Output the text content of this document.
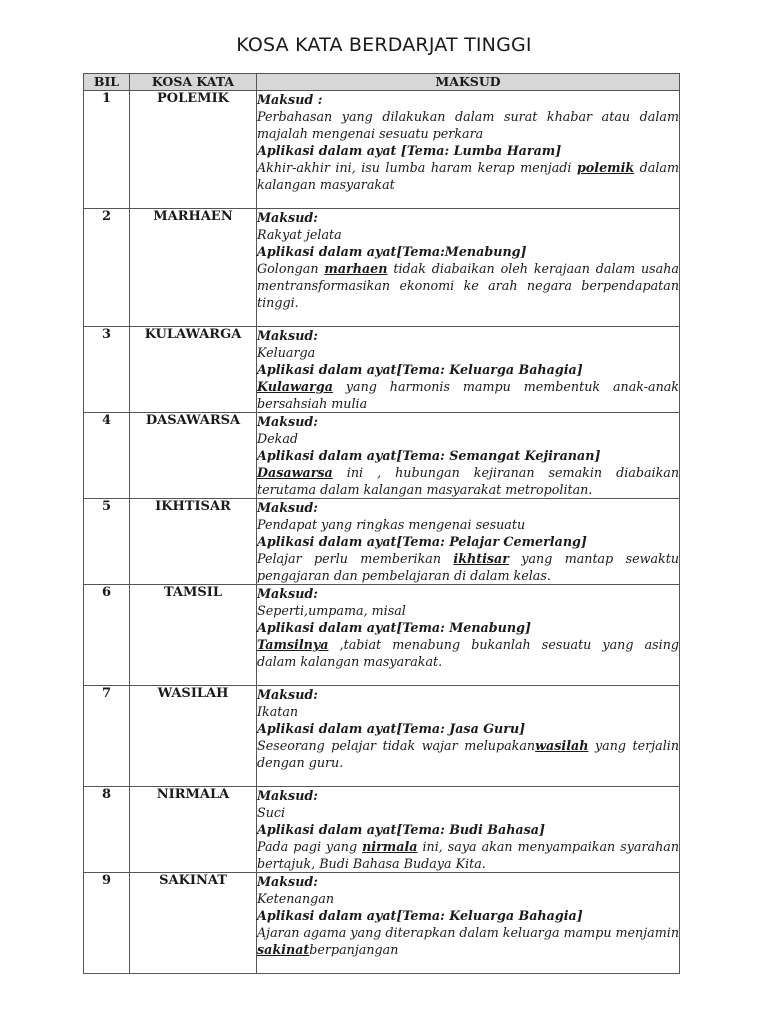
KOSA KATA BERDARJAT TINGGI
BIL	KOSA KATA	MAKSUD
1	POLEMIK	Maksud :
Perbahasan yang dilakukan dalam surat khabar atau dalam majalah mengenai sesuatu perkara
Aplikasi dalam ayat [Tema: Lumba Haram]
Akhir-akhir ini, isu lumba haram kerap menjadi polemik dalam kalangan masyarakat

2	MARHAEN	Maksud:
Rakyat jelata
Aplikasi dalam ayat[Tema:Menabung]
Golongan marhaen tidak diabaikan oleh kerajaan dalam usaha mentransformasikan ekonomi ke arah negara berpendapatan tinggi.

3	KULAWARGA	Maksud:
Keluarga
Aplikasi dalam ayat[Tema: Keluarga Bahagia]
Kulawarga yang harmonis mampu membentuk anak-anak bersahsiah mulia

4	DASAWARSA	Maksud:
Dekad
Aplikasi dalam ayat[Tema: Semangat Kejiranan]
Dasawarsa ini , hubungan kejiranan semakin diabaikan terutama dalam kalangan masyarakat metropolitan.

5	IKHTISAR	Maksud:
Pendapat yang ringkas mengenai sesuatu
Aplikasi dalam ayat[Tema: Pelajar Cemerlang]
Pelajar perlu memberikan ikhtisar yang mantap sewaktu pengajaran dan pembelajaran di dalam kelas.

6	TAMSIL	Maksud:
Seperti,umpama, misal
Aplikasi dalam ayat[Tema: Menabung]
Tamsilnya ,tabiat menabung bukanlah sesuatu yang asing dalam kalangan masyarakat.

7	WASILAH	Maksud:
Ikatan
Aplikasi dalam ayat[Tema: Jasa Guru]
Seseorang pelajar tidak wajar melupakanwasilah yang terjalin dengan guru.

8	NIRMALA	Maksud:
Suci
Aplikasi dalam ayat[Tema: Budi Bahasa]
Pada pagi yang nirmala ini, saya akan menyampaikan syarahan bertajuk, Budi Bahasa Budaya Kita.

9	SAKINAT	Maksud:
Ketenangan
Aplikasi dalam ayat[Tema: Keluarga Bahagia]
Ajaran agama yang diterapkan dalam keluarga mampu menjamin sakinatberpanjangan
